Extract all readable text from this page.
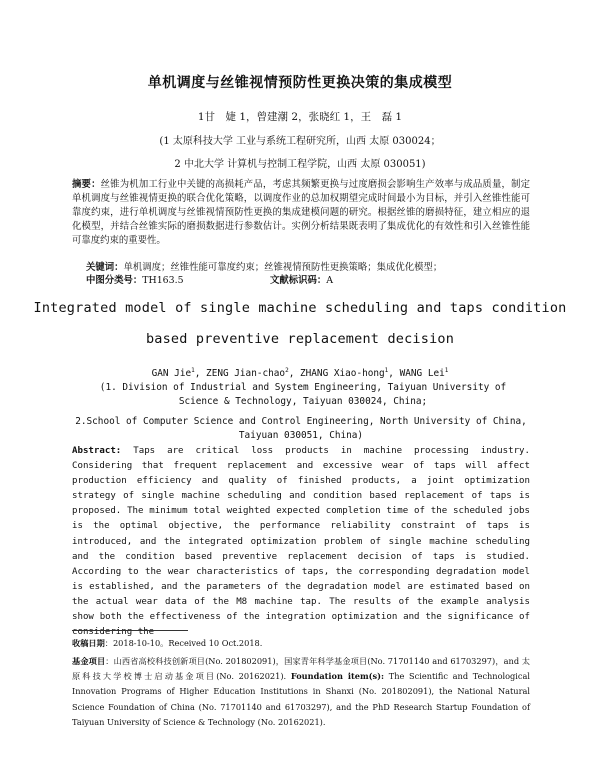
单机调度与丝锥视情预防性更换决策的集成模型
1甘　婕 1，曾建潮 2，张晓红 1，王　磊 1
(1 太原科技大学 工业与系统工程研究所，山西 太原 030024；
2 中北大学 计算机与控制工程学院，山西 太原 030051)
摘要：丝锥为机加工行业中关键的高损耗产品，考虑其频繁更换与过度磨损会影响生产效率与成品质量，制定单机调度与丝锥视情更换的联合优化策略，以调度作业的总加权期望完成时间最小为目标，并引入丝锥性能可靠度约束，进行单机调度与丝锥视情预防性更换的集成建模问题的研究。根据丝锥的磨损特征，建立相应的退化模型，并结合丝锥实际的磨损数据进行参数估计。实例分析结果既表明了集成优化的有效性和引入丝锥性能可靠度约束的重要性。
关键词：单机调度；丝锥性能可靠度约束；丝锥视情预防性更换策略；集成优化模型；
中图分类号：TH163.5	文献标识码：A
Integrated model of single machine scheduling and taps condition
based preventive replacement decision
GAN Jie$^1$, ZENG Jian-chao$^2$, ZHANG Xiao-hong$^1$, WANG Lei$^1$
(1. Division of Industrial and System Engineering, Taiyuan University of Science & Technology, Taiyuan 030024, China;
2.School of Computer Science and Control Engineering, North University of China, Taiyuan 030051, China)
Abstract: Taps are critical loss products in machine processing industry. Considering that frequent replacement and excessive wear of taps will affect production efficiency and quality of finished products, a joint optimization strategy of single machine scheduling and condition based replacement of taps is proposed. The minimum total weighted expected completion time of the scheduled jobs is the optimal objective, the performance reliability constraint of taps is introduced, and the integrated optimization problem of single machine scheduling and the condition based preventive replacement decision of taps is studied. According to the wear characteristics of taps, the corresponding degradation model is established, and the parameters of the degradation model are estimated based on the actual wear data of the M8 machine tap. The results of the example analysis show both the effectiveness of the integration optimization and the significance of considering the
收稿日期：2018-10-10。Received 10 Oct.2018.
基金项目：山西省高校科技创新项目(No. 201802091)，国家青年科学基金项目(No. 71701140 and 61703297)，and 太原科技大学校博士启动基金项目(No. 20162021). Foundation item(s): The Scientific and Technological Innovation Programs of Higher Education Institutions in Shanxi (No. 201802091), the National Natural Science Foundation of China (No. 71701140 and 61703297), and the PhD Research Startup Foundation of Taiyuan University of Science & Technology (No. 20162021).
